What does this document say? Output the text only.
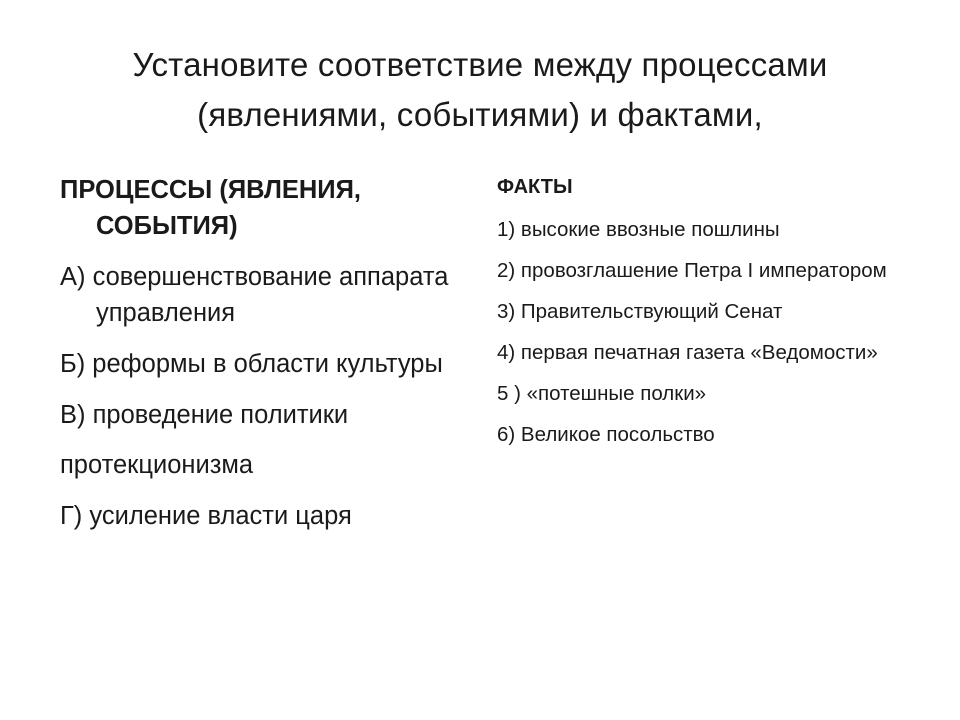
Установите соответствие между процессами
(явлениями, событиями) и фактами,
ПРОЦЕССЫ (ЯВЛЕНИЯ, СОБЫТИЯ)
А) совершенствование аппарата управления
Б) реформы в области культуры
В) проведение политики
протекционизма
Г) усиление власти царя
ФАКТЫ
1) высокие ввозные пошлины
2) провозглашение Петра I императором
3) Правительствующий Сенат
4) первая печатная газета «Ведомости»
5 ) «потешные полки»
6) Великое посольство
